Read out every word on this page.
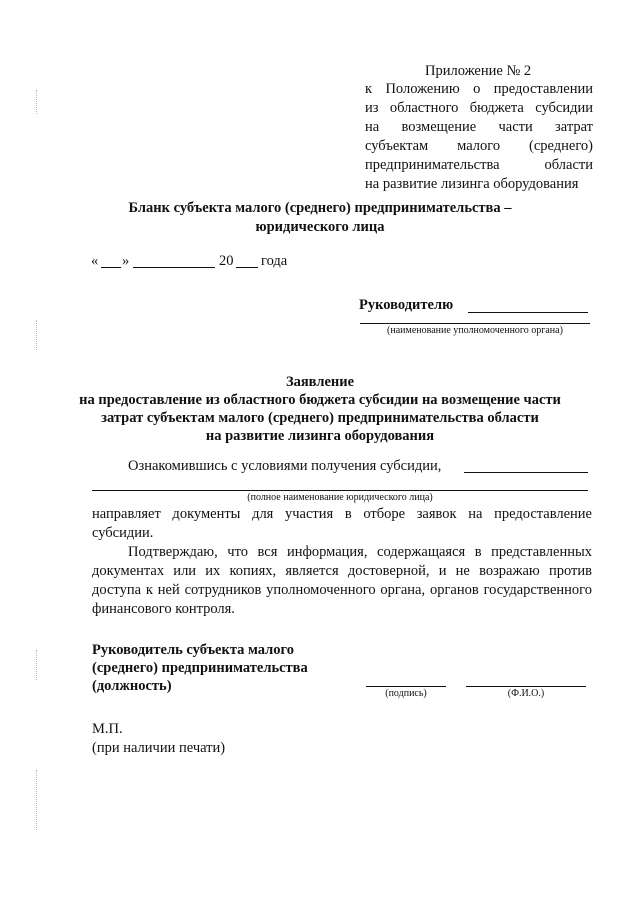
Приложение № 2
к Положению о предоставлении
из областного бюджета субсидии
на возмещение части затрат
субъектам малого (среднего)
предпринимательства области
на развитие лизинга оборудования
Бланк субъекта малого (среднего) предпринимательства –
юридического лица
« »	20 года
Руководителю
(наименование уполномоченного органа)
Заявление
на предоставление из областного бюджета субсидии на возмещение части
затрат субъектам малого (среднего) предпринимательства области
на развитие лизинга оборудования
Ознакомившись с условиями получения субсидии,
(полное наименование юридического лица)
направляет документы для участия в отборе заявок на предоставление
субсидии.
Подтверждаю, что вся информация, содержащаяся в представленных
документах или их копиях, является достоверной, и не возражаю против
доступа к ней сотрудников уполномоченного органа, органов государственного
финансового контроля.
Руководитель субъекта малого
(среднего) предпринимательства
(должность)	(подпись)	(Ф.И.О.)
М.П.
(при наличии печати)
